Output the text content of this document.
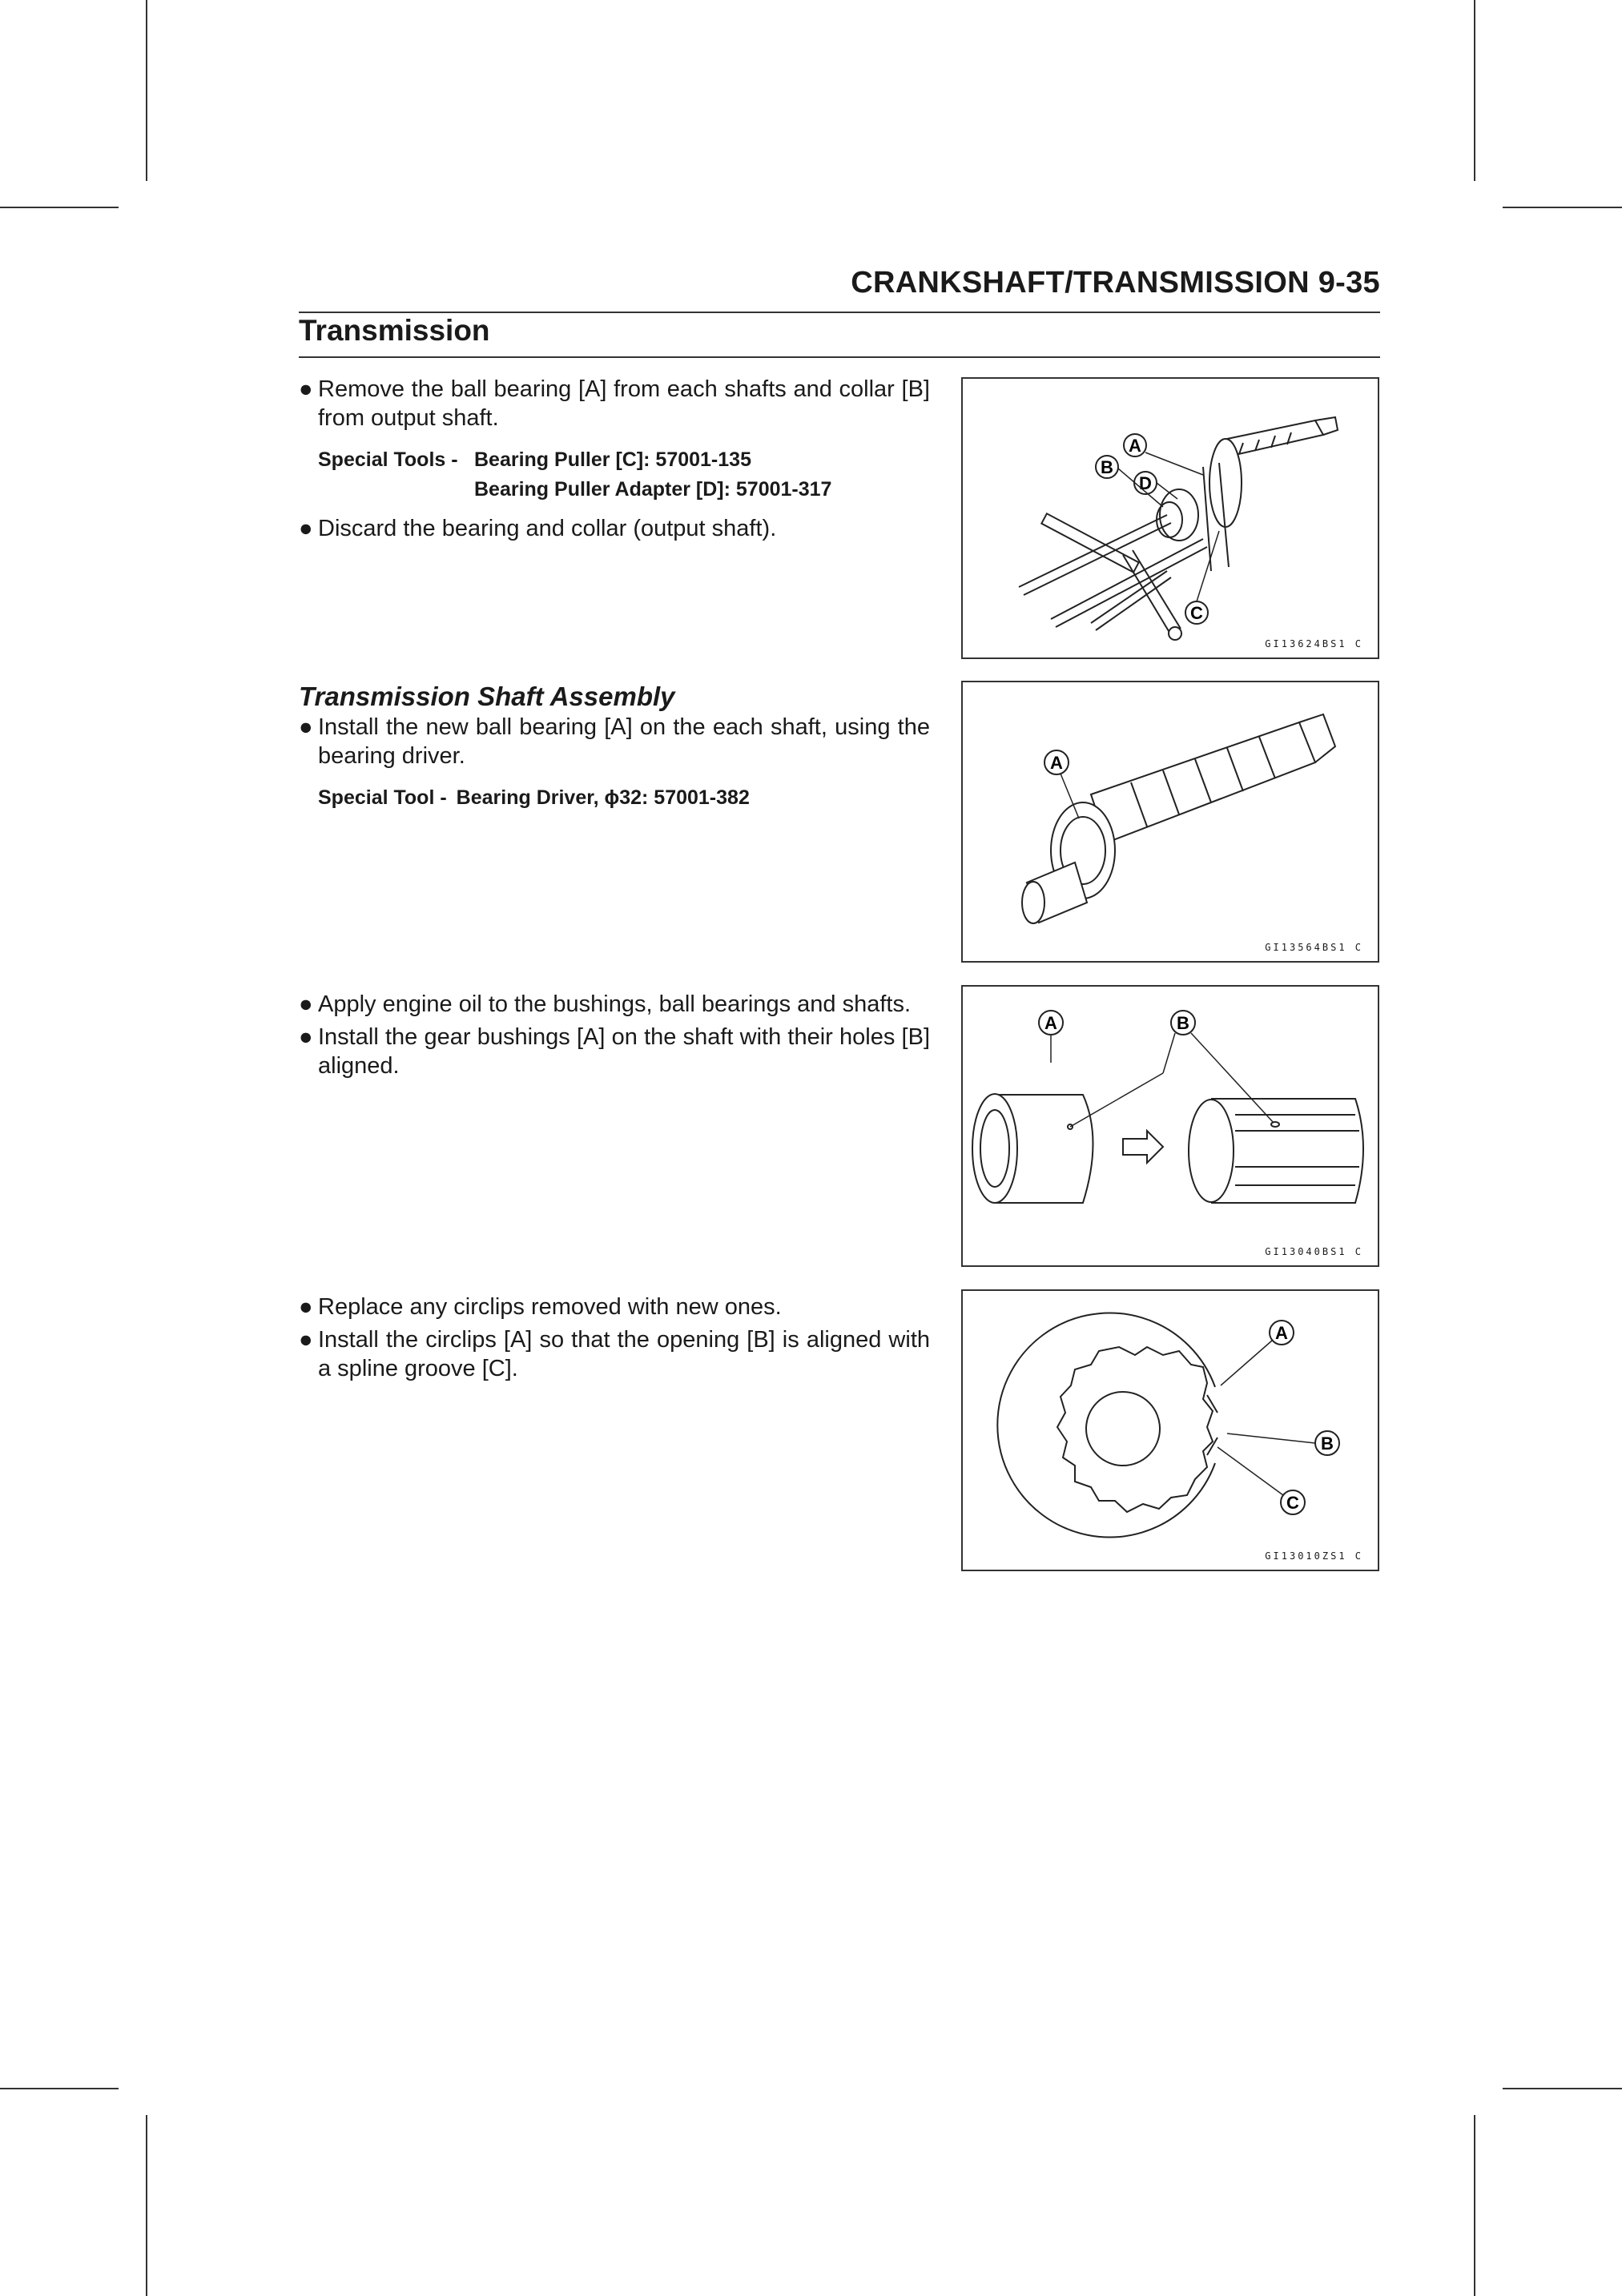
CRANKSHAFT/TRANSMISSION 9-35
Transmission
● Remove the ball bearing [A] from each shafts and collar [B] from output shaft.
Special Tools - Bearing Puller [C]: 57001-135
Bearing Puller Adapter [D]: 57001-317
● Discard the bearing and collar (output shaft).
Transmission Shaft Assembly
● Install the new ball bearing [A] on the each shaft, using the bearing driver.
Special Tool - Bearing Driver, ϕ32: 57001-382
● Apply engine oil to the bushings, ball bearings and shafts.
● Install the gear bushings [A] on the shaft with their holes [B] aligned.
● Replace any circlips removed with new ones.
● Install the circlips [A] so that the opening [B] is aligned with a spline groove [C].
D
B
A
C
GI13624BS1 C
A
GI13564BS1 C
A	B
GI13040BS1 C
A
B
C
GI13010ZS1 C
